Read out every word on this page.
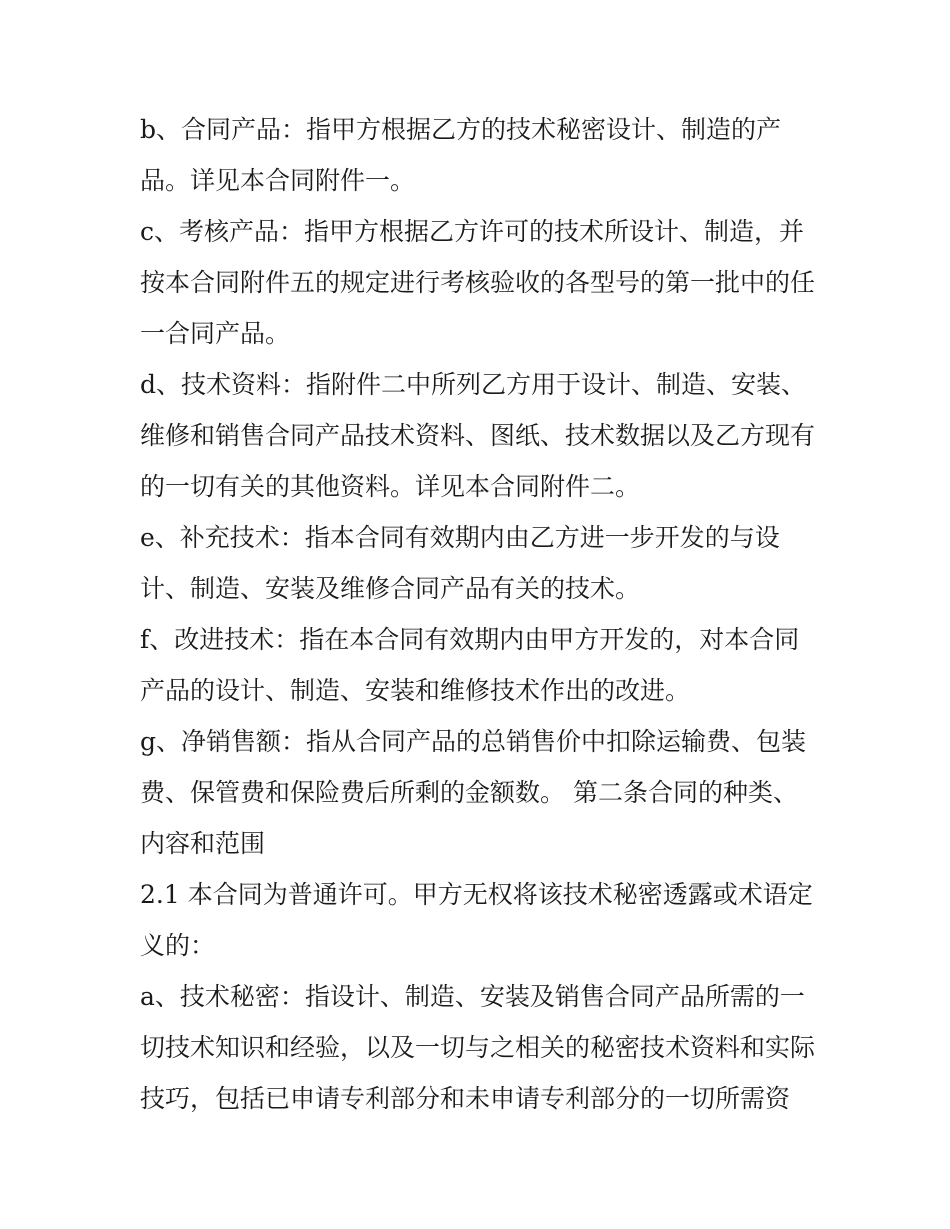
b、合同产品：指甲方根据乙方的技术秘密设计、制造的产
品。详见本合同附件一。
c、考核产品：指甲方根据乙方许可的技术所设计、制造，并
按本合同附件五的规定进行考核验收的各型号的第一批中的任
一合同产品。
d、技术资料：指附件二中所列乙方用于设计、制造、安装、
维修和销售合同产品技术资料、图纸、技术数据以及乙方现有
的一切有关的其他资料。详见本合同附件二。
e、补充技术：指本合同有效期内由乙方进一步开发的与设
计、制造、安装及维修合同产品有关的技术。
f、改进技术：指在本合同有效期内由甲方开发的，对本合同
产品的设计、制造、安装和维修技术作出的改进。
g、净销售额：指从合同产品的总销售价中扣除运输费、包装
费、保管费和保险费后所剩的金额数。 第二条合同的种类、
内容和范围
2.1 本合同为普通许可。甲方无权将该技术秘密透露或术语定
义的：
a、技术秘密：指设计、制造、安装及销售合同产品所需的一
切技术知识和经验，以及一切与之相关的秘密技术资料和实际
技巧，包括已申请专利部分和未申请专利部分的一切所需资
